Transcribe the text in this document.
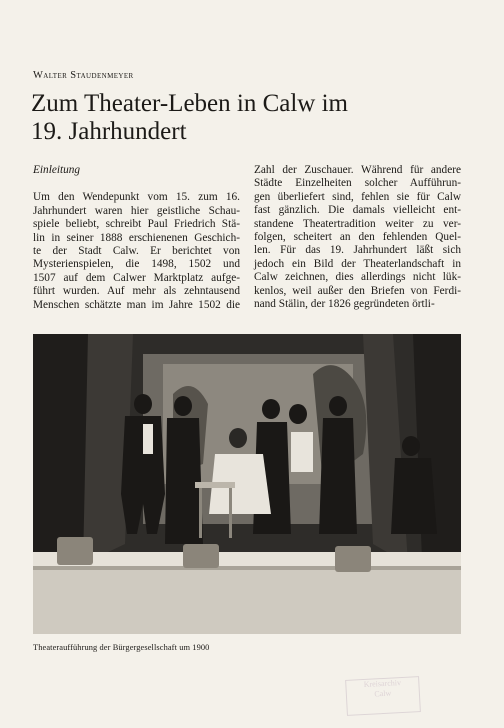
Walter Staudenmeyer
Zum Theater-Leben in Calw im
19. Jahrhundert
Einleitung
Um den Wendepunkt vom 15. zum 16.
Jahrhundert waren hier geistliche Schau-
spiele beliebt, schreibt Paul Friedrich Stä-
lin in seiner 1888 erschienenen Geschich-
te der Stadt Calw. Er berichtet von
Mysterienspielen, die 1498, 1502 und
1507 auf dem Calwer Marktplatz aufge-
führt wurden. Auf mehr als zehntausend
Menschen schätzte man im Jahre 1502 die
Zahl der Zuschauer. Während für andere
Städte Einzelheiten solcher Aufführun-
gen überliefert sind, fehlen sie für Calw
fast gänzlich. Die damals vielleicht ent-
standene Theatertradition weiter zu ver-
folgen, scheitert an den fehlenden Quel-
len. Für das 19. Jahrhundert läßt sich
jedoch ein Bild der Theaterlandschaft in
Calw zeichnen, dies allerdings nicht lük-
kenlos, weil außer den Briefen von Ferdi-
nand Stälin, der 1826 gegründeten örtli-
Theateraufführung der Bürgergesellschaft um 1900
Kreisarchiv
Calw
